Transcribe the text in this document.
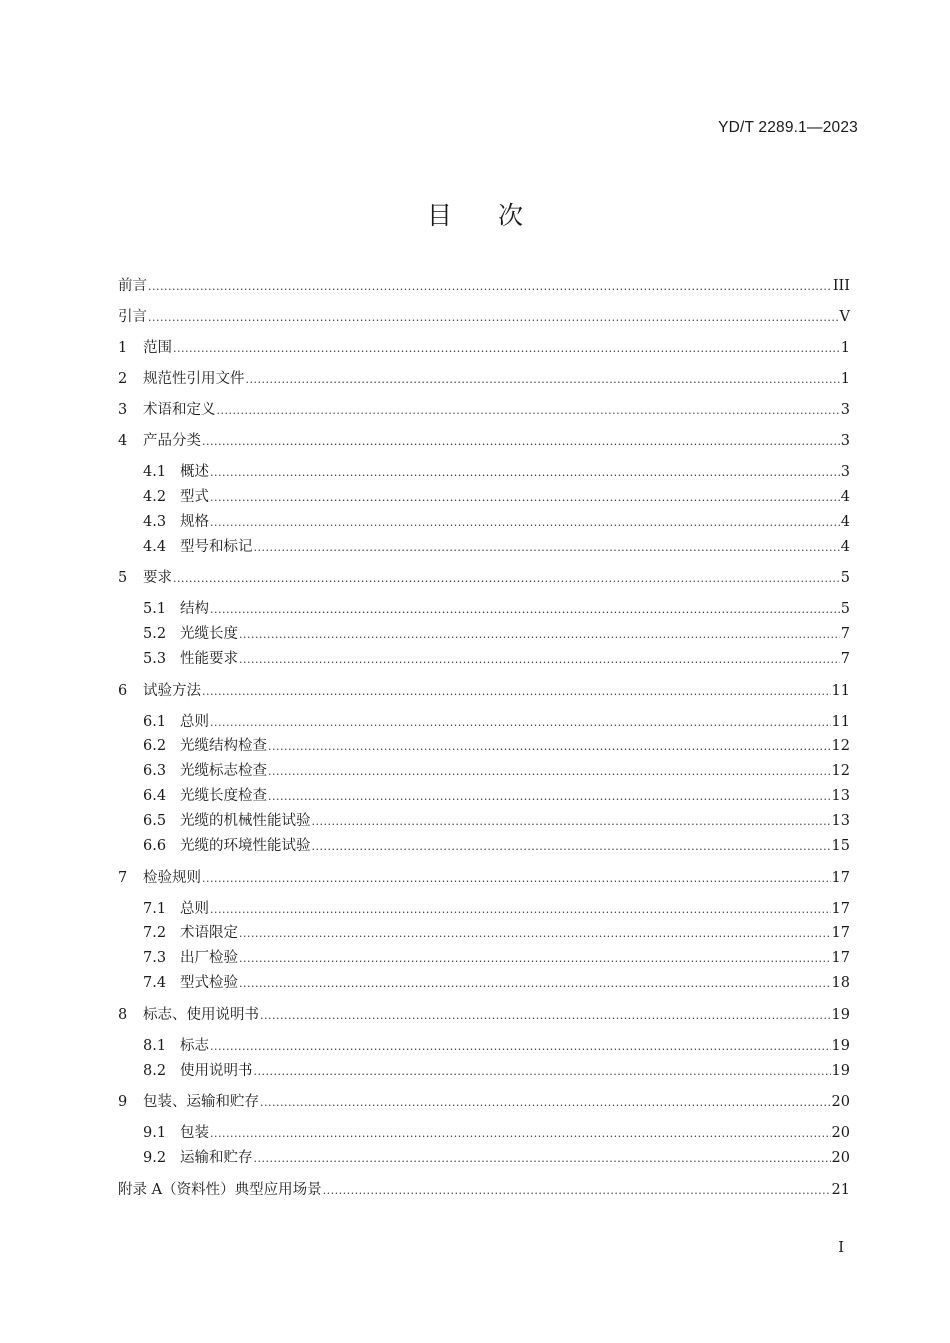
YD/T 2289.1—2023
目 次
前言 .....	III
引言 .....	V
1	范围 .....	1
2	规范性引用文件 .....	1
3	术语和定义 .....	3
4	产品分类 .....	3
4.1 概述 .....	3
4.2 型式 .....	4
4.3 规格 .....	4
4.4 型号和标记 .....	4
5	要求 .....	5
5.1 结构 .....	5
5.2 光缆长度 .....	7
5.3 性能要求 .....	7
6	试验方法 .....	11
6.1 总则 .....	11
6.2 光缆结构检查 .....	12
6.3 光缆标志检查 .....	12
6.4 光缆长度检查 .....	13
6.5 光缆的机械性能试验 .....	13
6.6 光缆的环境性能试验 .....	15
7	检验规则 .....	17
7.1 总则 .....	17
7.2 术语限定 .....	17
7.3 出厂检验 .....	17
7.4 型式检验 .....	18
8	标志、使用说明书 .....	19
8.1 标志 .....	19
8.2 使用说明书 .....	19
9	包装、运输和贮存 .....	20
9.1 包装 .....	20
9.2 运输和贮存 .....	20
附录 A（资料性）典型应用场景 .....	21
I
